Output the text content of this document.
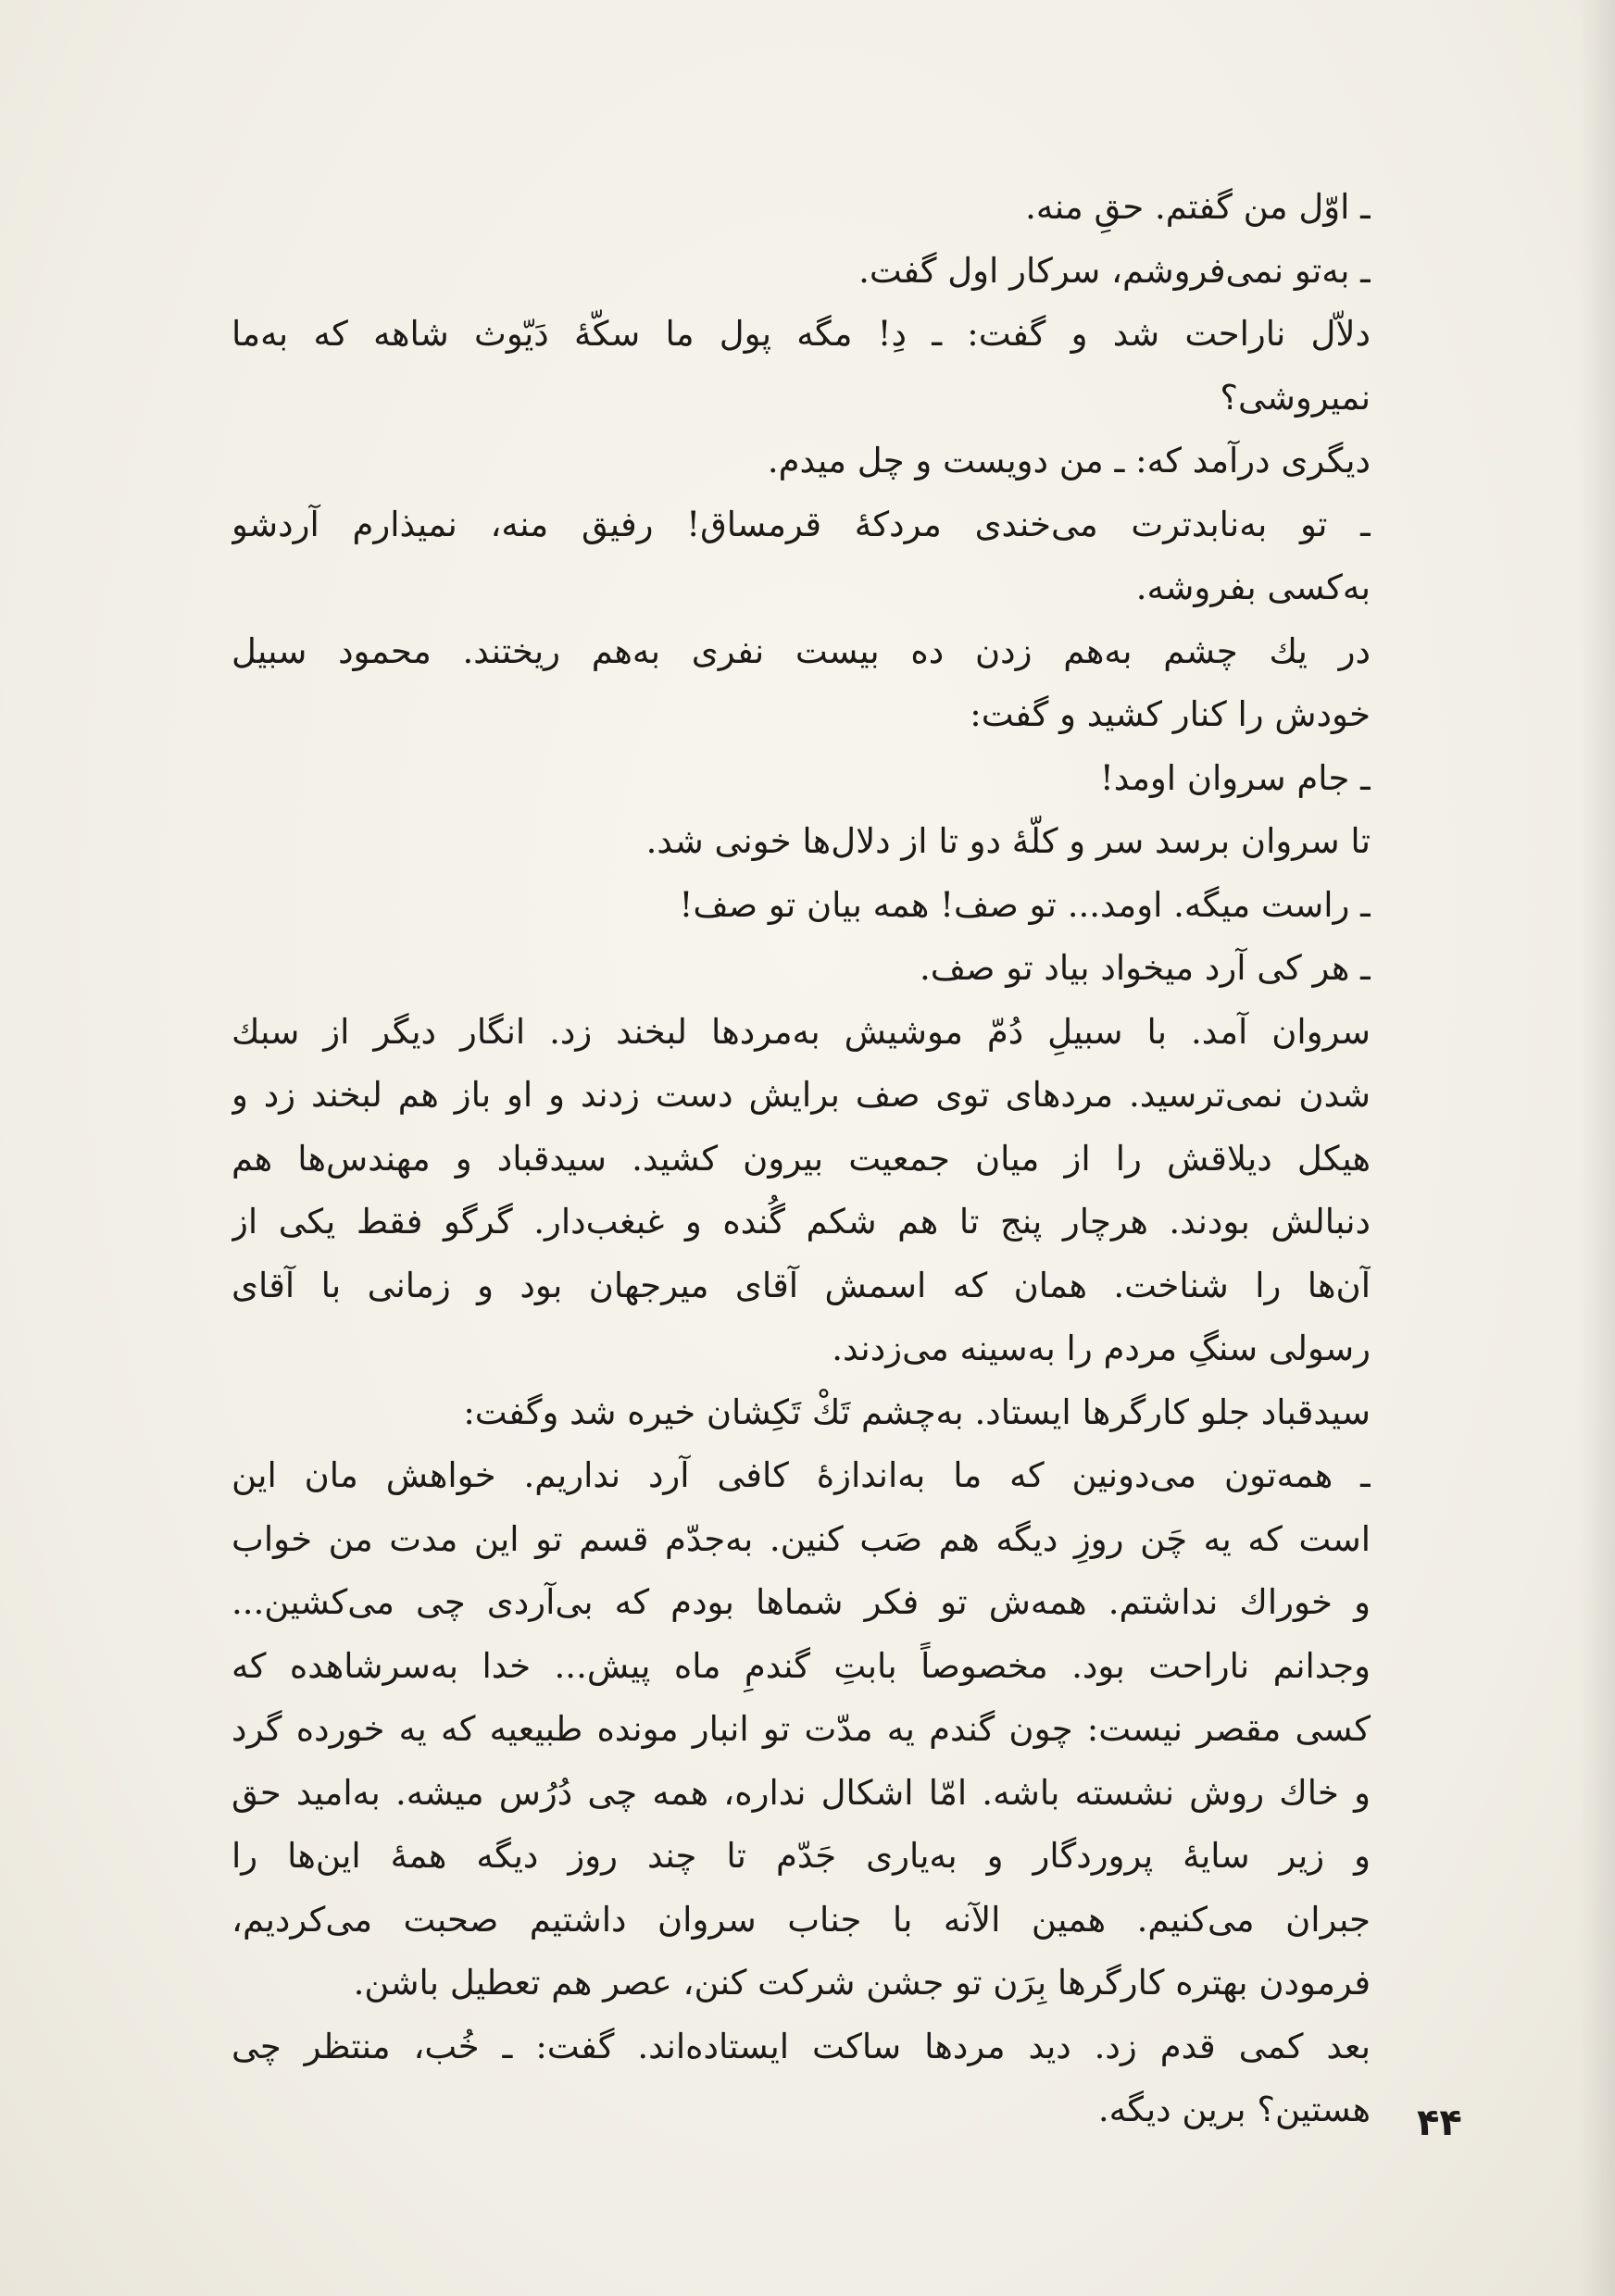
ـ اوّل من گفتم. حقِ منه.
ـ به‌تو نمی‌فروشم، سرکار اول گفت.
دلاّل ناراحت شد و گفت: ـ دِ! مگه پول ما سکّهٔ دَیّوث شاهه که به‌ما
نمیروشی؟
دیگری درآمد که: ـ من دویست و چل میدم.
ـ تو به‌نابدترت می‌خندی مردکهٔ قرمساق! رفیق منه، نمیذارم آردشو
به‌کسی بفروشه.
در یك چشم به‌هم زدن ده بیست نفری به‌هم ریختند. محمود سبیل
خودش را کنار کشید و گفت:
ـ جام سروان اومد!
تا سروان برسد سر و کلّهٔ دو تا از دلال‌ها خونی شد.
ـ راست میگه. اومد... تو صف! همه بیان تو صف!
ـ هر کی آرد میخواد بیاد تو صف.
سروان آمد. با سبیلِ دُمّ موشیش به‌مردها لبخند زد. انگار دیگر از سبك
شدن نمی‌ترسید. مردهای توی صف برایش دست زدند و او باز هم لبخند زد و
هیکل دیلاقش را از میان جمعیت بیرون کشید. سیدقباد و مهندس‌ها هم
دنبالش بودند. هرچار پنج تا هم شکم گُنده و غبغب‌دار. گرگو فقط یکی از
آن‌ها را شناخت. همان که اسمش آقای میرجهان بود و زمانی با آقای
رسولی سنگِ مردم را به‌سینه می‌زدند.
سیدقباد جلو کارگرها ایستاد. به‌چشم تَكْ تَكِشان خیره شد وگفت:
ـ همه‌تون می‌دونین که ما به‌اندازهٔ کافی آرد نداریم. خواهش مان این
است که یه چَن روزِ دیگه هم صَب کنین. به‌جدّم قسم تو این مدت من خواب
و خوراك نداشتم. همه‌ش تو فکر شماها بودم که بی‌آردی چی می‌کشین...
وجدانم ناراحت بود. مخصوصاً بابتِ گندمِ ماه پیش... خدا به‌سرشاهده که
کسی مقصر نیست: چون گندم یه مدّت تو انبار مونده طبیعیه که یه خورده گرد
و خاك روش نشسته باشه. امّا اشکال نداره، همه چی دُرُس میشه. به‌امید حق
و زیر سایهٔ پروردگار و به‌یاری جَدّم تا چند روز دیگه همهٔ این‌ها را
جبران می‌کنیم. همین الآنه با جناب سروان داشتیم صحبت می‌کردیم،
فرمودن بهتره کارگرها بِرَن تو جشن شرکت کنن، عصر هم تعطیل باشن.
بعد کمی قدم زد. دید مردها ساکت ایستاده‌اند. گفت: ـ خُب، منتظر چی
هستین؟ برین دیگه. ۴۴
